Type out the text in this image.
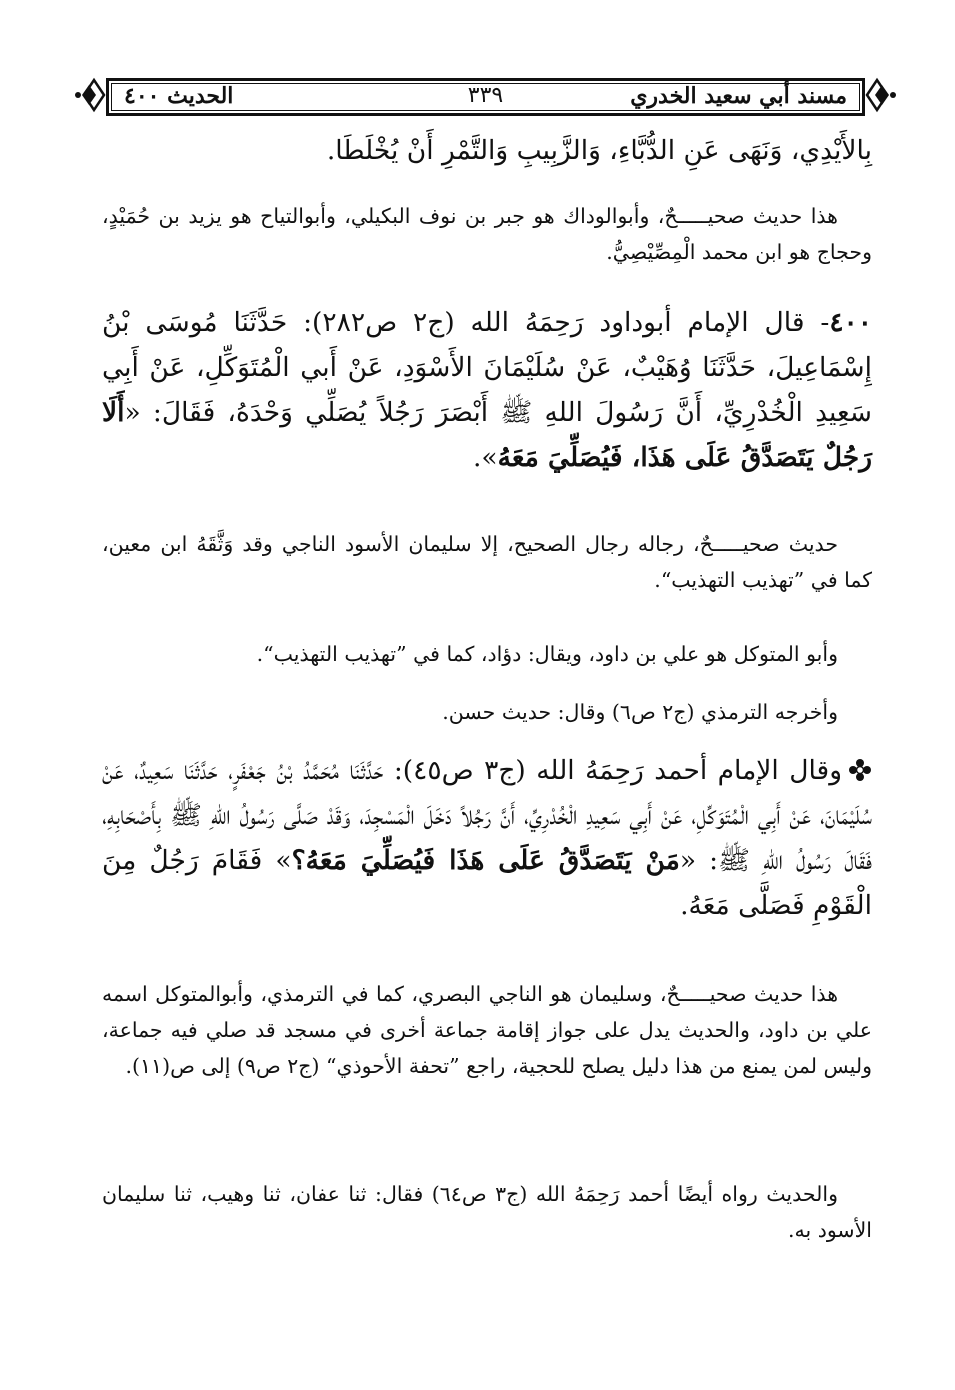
مسند أبي سعيد الخدري
٣٣٩
الحديث ٤٠٠

بِالأَيْدِي، وَنَهَى عَنِ الدُّبَّاءِ، وَالزَّبِيبِ وَالتَّمْرِ أَنْ يُخْلَطَا.

هذا حديث صحيـــــحٌ، وأبوالوداك هو جبر بن نوف البكيلي، وأبوالتياح هو يزيد بن حُمَيْدٍ، وحجاج هو ابن محمد الْمِصِّيْصِيُّ.

٤٠٠- قال الإمام أبوداود رَحِمَهُ الله (ج٢ ص٢٨٢): حَدَّثَنَا مُوسَى بْنُ إِسْمَاعِيلَ، حَدَّثَنَا وُهَيْبٌ، عَنْ سُلَيْمَانَ الأَسْوَدِ، عَنْ أَبي الْمُتَوَكِّلِ، عَنْ أَبِي سَعِيدِ الْخُدْرِيِّ، أَنَّ رَسُولَ اللهِ ﷺ أَبْصَرَ رَجُلاً يُصَلِّي وَحْدَهُ، فَقَالَ: «أَلَا رَجُلٌ يَتَصَدَّقُ عَلَى هَذَا، فَيُصَلِّيَ مَعَهُ».

حديث صحيـــــحٌ، رجاله رجال الصحيح، إلا سليمان الأسود الناجي وقد وَثَّقَهُ ابن معين، كما في ”تهذيب التهذيب“.

وأبو المتوكل هو علي بن داود، ويقال: دؤاد، كما في ”تهذيب التهذيب“.

وأخرجه الترمذي (ج٢ ص٦) وقال: حديث حسن.

وقال الإمام أحمد رَحِمَهُ الله (ج٣ ص٤٥): حَدَّثَنَا مُحَمَّدُ بْنُ جَعْفَرٍ، حَدَّثَنَا سَعِيدٌ، عَنْ سُلَيْمَانَ، عَنْ أَبِي الْمُتَوَكِّلِ، عَنْ أَبِي سَعِيدِ الْخُدْرِيِّ، أَنَّ رَجُلاً دَخَلَ الْمَسْجِدَ، وَقَدْ صَلَّى رَسُولُ اللهِ ﷺ بِأَصْحَابِهِ، فَقَالَ رَسُولُ اللهِ ﷺ: «مَنْ يَتَصَدَّقُ عَلَى هَذَا فَيُصَلِّيَ مَعَهُ؟» فَقَامَ رَجُلٌ مِنَ الْقَوْمِ فَصَلَّى مَعَهُ.

هذا حديث صحيـــــحٌ، وسليمان هو الناجي البصري، كما في الترمذي، وأبوالمتوكل اسمه علي بن داود، والحديث يدل على جواز إقامة جماعة أخرى في مسجد قد صلي فيه جماعة، وليس لمن يمنع من هذا دليل يصلح للحجية، راجع ”تحفة الأحوذي“ (ج٢ ص٩) إلى ص(١١).

والحديث رواه أيضًا أحمد رَحِمَهُ الله (ج٣ ص٦٤) فقال: ثنا عفان، ثنا وهيب، ثنا سليمان الأسود به.
